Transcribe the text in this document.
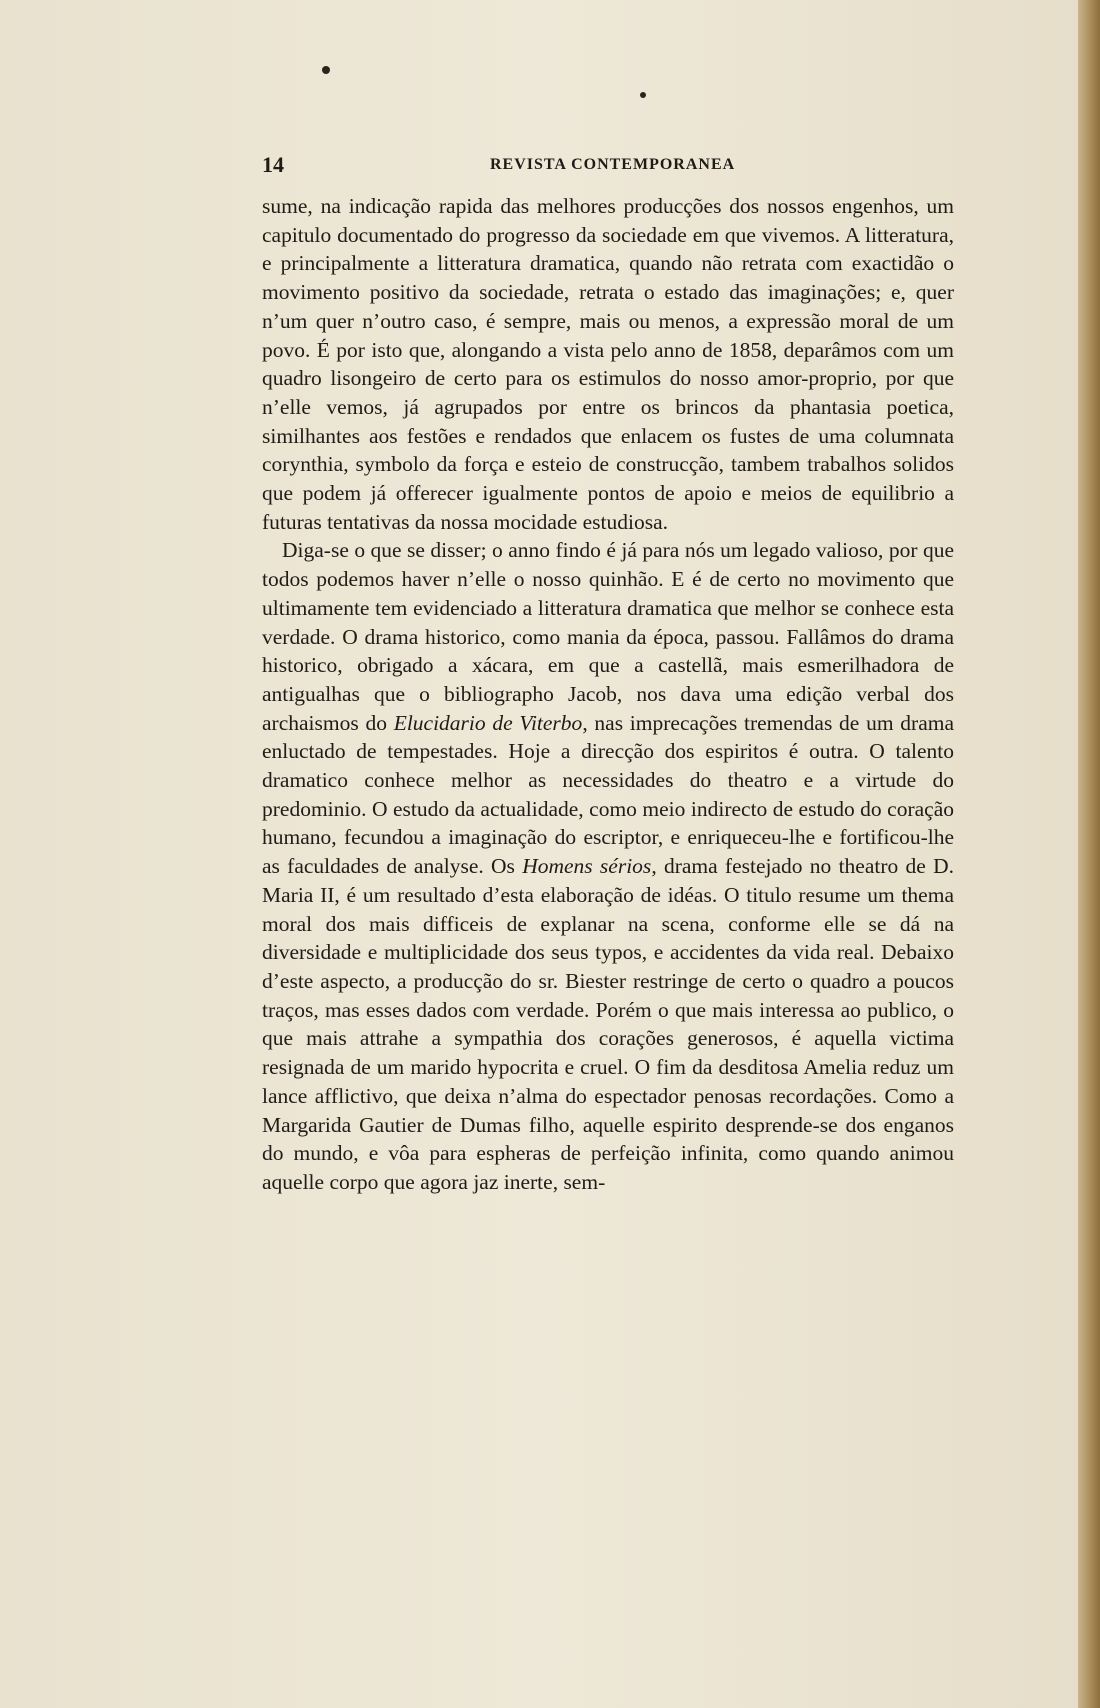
14	REVISTA CONTEMPORANEA

sume, na indicação rapida das melhores producções dos nossos engenhos, um capitulo documentado do progresso da sociedade em que vivemos. A litteratura, e principalmente a litteratura dramatica, quando não retrata com exactidão o movimento positivo da sociedade, retrata o estado das imaginações; e, quer n’um quer n’outro caso, é sempre, mais ou menos, a expressão moral de um povo. É por isto que, alongando a vista pelo anno de 1858, deparâmos com um quadro lisongeiro de certo para os estimulos do nosso amor-proprio, por que n’elle vemos, já agrupados por entre os brincos da phantasia poetica, similhantes aos festões e rendados que enlacem os fustes de uma columnata corynthia, symbolo da força e esteio de construcção, tambem trabalhos solidos que podem já offerecer igualmente pontos de apoio e meios de equilibrio a futuras tentativas da nossa mocidade estudiosa.

Diga-se o que se disser; o anno findo é já para nós um legado valioso, por que todos podemos haver n’elle o nosso quinhão. E é de certo no movimento que ultimamente tem evidenciado a litteratura dramatica que melhor se conhece esta verdade. O drama historico, como mania da época, passou. Fallâmos do drama historico, obrigado a xácara, em que a castellã, mais esmerilhadora de antigualhas que o bibliographo Jacob, nos dava uma edição verbal dos archaismos do Elucidario de Viterbo, nas imprecações tremendas de um drama enluctado de tempestades. Hoje a direcção dos espiritos é outra. O talento dramatico conhece melhor as necessidades do theatro e a virtude do predominio. O estudo da actualidade, como meio indirecto de estudo do coração humano, fecundou a imaginação do escriptor, e enriqueceu-lhe e fortificou-lhe as faculdades de analyse. Os Homens sérios, drama festejado no theatro de D. Maria II, é um resultado d’esta elaboração de idéas. O titulo resume um thema moral dos mais difficeis de explanar na scena, conforme elle se dá na diversidade e multiplicidade dos seus typos, e accidentes da vida real. Debaixo d’este aspecto, a producção do sr. Biester restringe de certo o quadro a poucos traços, mas esses dados com verdade. Porém o que mais interessa ao publico, o que mais attrahe a sympathia dos corações generosos, é aquella victima resignada de um marido hypocrita e cruel. O fim da desditosa Amelia reduz um lance afflictivo, que deixa n’alma do espectador penosas recordações. Como a Margarida Gautier de Dumas filho, aquelle espirito desprende-se dos enganos do mundo, e vôa para espheras de perfeição infinita, como quando animou aquelle corpo que agora jaz inerte, sem-
